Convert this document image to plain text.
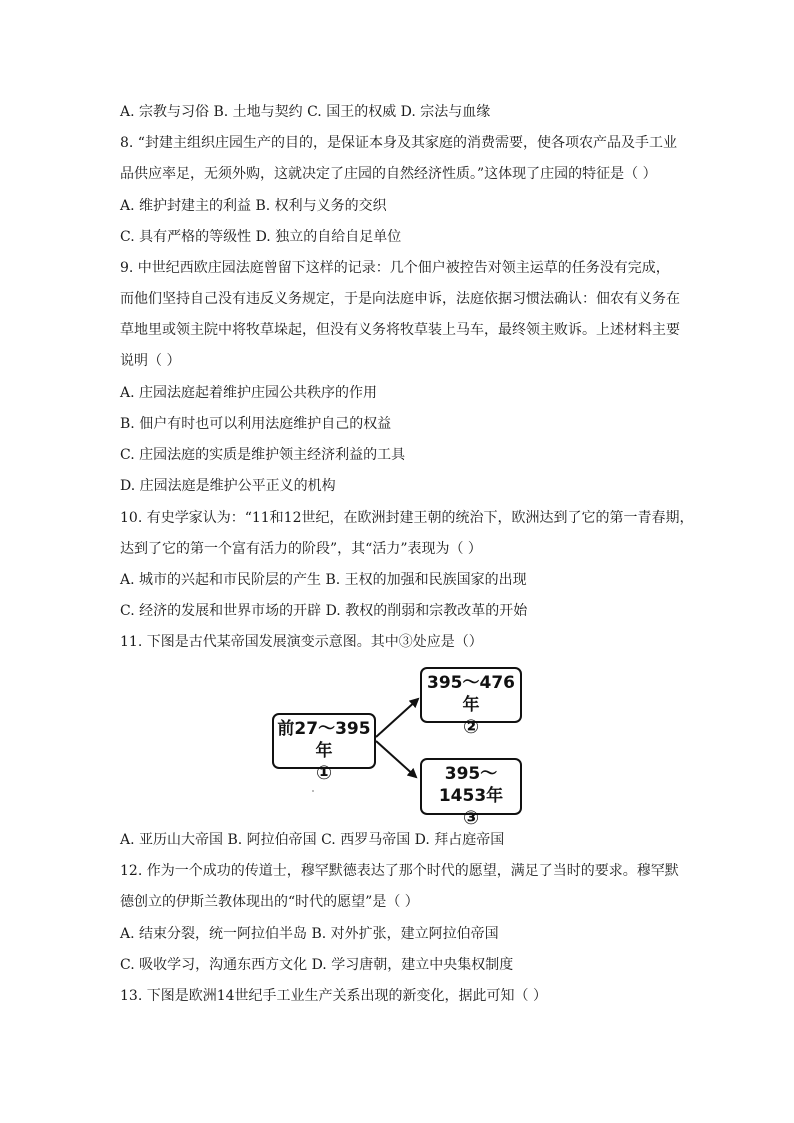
A. 宗教与习俗 B. 土地与契约 C. 国王的权威 D. 宗法与血缘
8. “封建主组织庄园生产的目的，是保证本身及其家庭的消费需要，使各项农产品及手工业
品供应率足，无须外购，这就决定了庄园的自然经济性质。”这体现了庄园的特征是（ ）
A. 维护封建主的利益 B. 权利与义务的交织
C. 具有严格的等级性 D. 独立的自给自足单位
9. 中世纪西欧庄园法庭曾留下这样的记录：几个佃户被控告对领主运草的任务没有完成，
而他们坚持自己没有违反义务规定，于是向法庭申诉，法庭依据习惯法确认：佃农有义务在
草地里或领主院中将牧草垛起，但没有义务将牧草装上马车，最终领主败诉。上述材料主要
说明（ ）
A. 庄园法庭起着维护庄园公共秩序的作用
B. 佃户有时也可以利用法庭维护自己的权益
C. 庄园法庭的实质是维护领主经济利益的工具
D. 庄园法庭是维护公平正义的机构
10. 有史学家认为：“11和12世纪，在欧洲封建王朝的统治下，欧洲达到了它的第一青春期，
达到了它的第一个富有活力的阶段”，其“活力”表现为（ ）
A. 城市的兴起和市民阶层的产生 B. 王权的加强和民族国家的出现
C. 经济的发展和世界市场的开辟 D. 教权的削弱和宗教改革的开始
11. 下图是古代某帝国发展演变示意图。其中③处应是（）
A. 亚历山大帝国 B. 阿拉伯帝国 C. 西罗马帝国 D. 拜占庭帝国
12. 作为一个成功的传道士，穆罕默德表达了那个时代的愿望，满足了当时的要求。穆罕默
德创立的伊斯兰教体现出的“时代的愿望”是（ ）
A. 结束分裂，统一阿拉伯半岛 B. 对外扩张，建立阿拉伯帝国
C. 吸收学习，沟通东西方文化 D. 学习唐朝，建立中央集权制度
13. 下图是欧洲14世纪手工业生产关系出现的新变化，据此可知（ ）
前27～395年
①
395～476年
②
395～1453年
③
